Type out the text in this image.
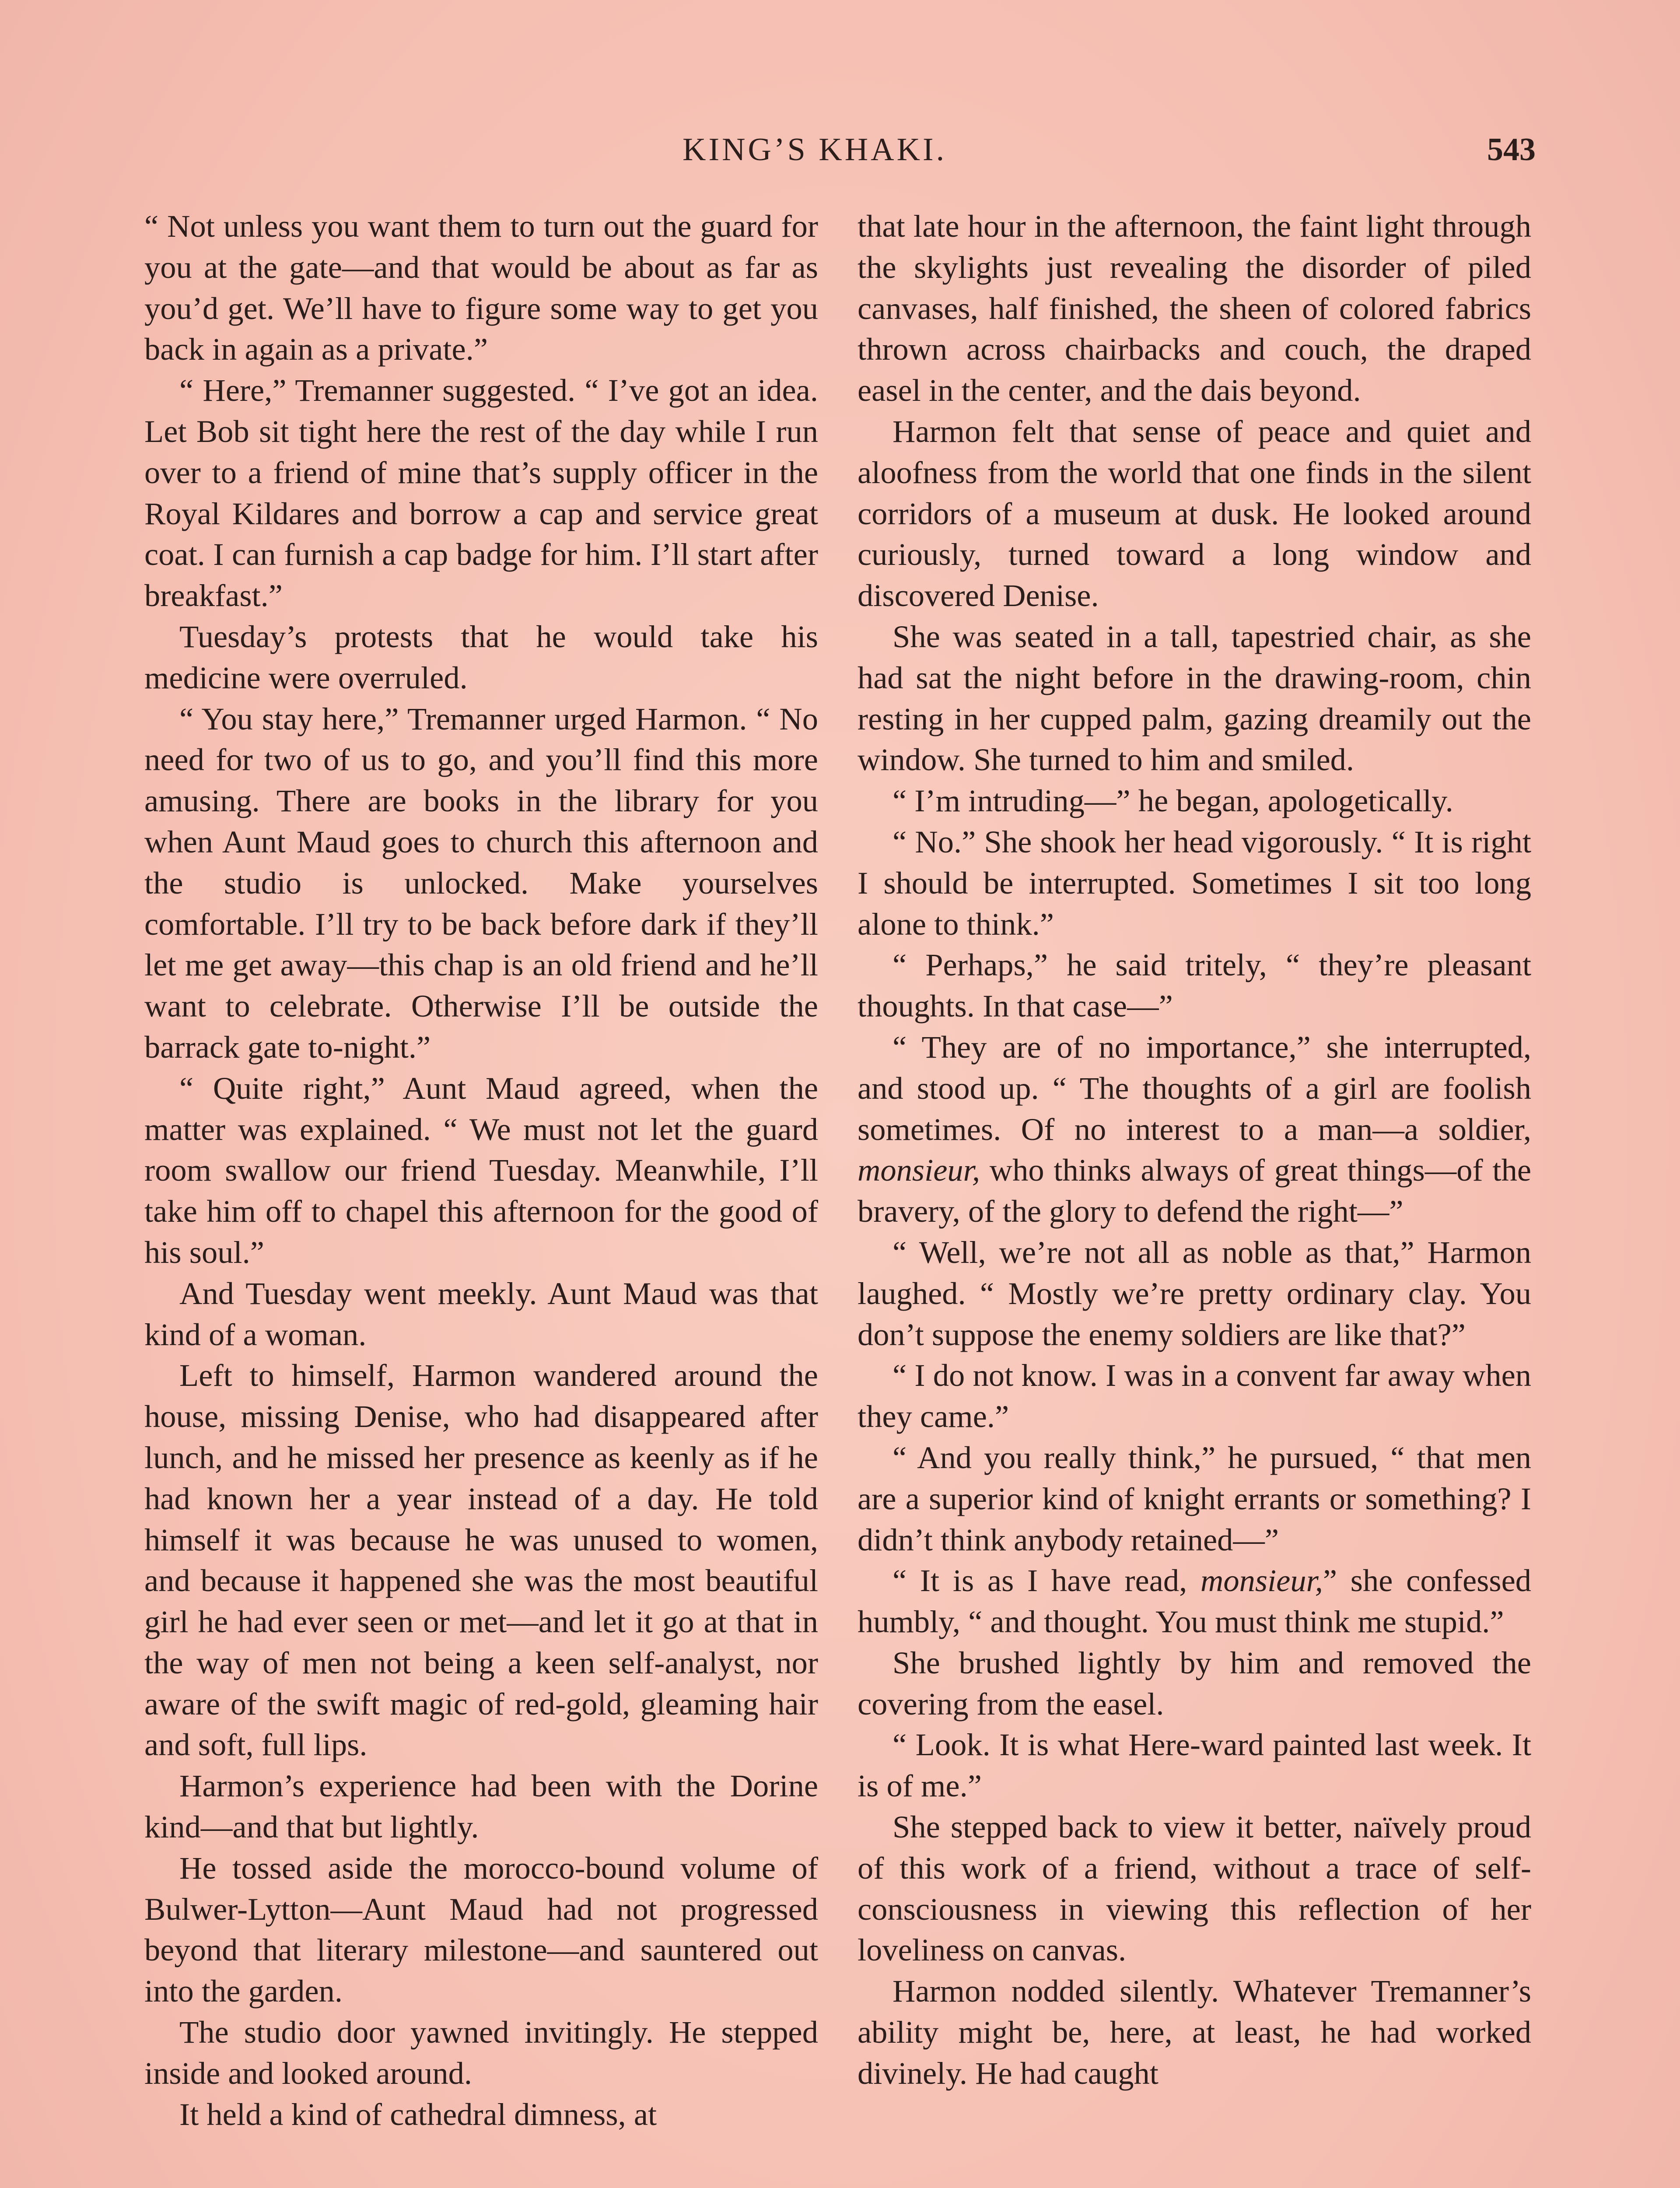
KING’S KHAKI.	543

“ Not unless you want them to turn out the guard for you at the gate—and that would be about as far as you’d get. We’ll have to figure some way to get you back in again as a private.”

“ Here,” Tremanner suggested. “ I’ve got an idea. Let Bob sit tight here the rest of the day while I run over to a friend of mine that’s supply officer in the Royal Kildares and borrow a cap and service great coat. I can furnish a cap badge for him. I’ll start after breakfast.”

Tuesday’s protests that he would take his medicine were overruled.

“ You stay here,” Tremanner urged Harmon. “ No need for two of us to go, and you’ll find this more amusing. There are books in the library for you when Aunt Maud goes to church this afternoon and the studio is unlocked. Make yourselves comfortable. I’ll try to be back before dark if they’ll let me get away—this chap is an old friend and he’ll want to celebrate. Otherwise I’ll be outside the barrack gate to-night.”

“ Quite right,” Aunt Maud agreed, when the matter was explained. “ We must not let the guard room swallow our friend Tuesday. Meanwhile, I’ll take him off to chapel this afternoon for the good of his soul.”

And Tuesday went meekly. Aunt Maud was that kind of a woman.

Left to himself, Harmon wandered around the house, missing Denise, who had disappeared after lunch, and he missed her presence as keenly as if he had known her a year instead of a day. He told himself it was because he was unused to women, and because it happened she was the most beautiful girl he had ever seen or met—and let it go at that in the way of men not being a keen self-analyst, nor aware of the swift magic of red-gold, gleaming hair and soft, full lips.

Harmon’s experience had been with the Dorine kind—and that but lightly.

He tossed aside the morocco-bound volume of Bulwer-Lytton—Aunt Maud had not progressed beyond that literary milestone—and sauntered out into the garden.

The studio door yawned invitingly. He stepped inside and looked around.

It held a kind of cathedral dimness, at

that late hour in the afternoon, the faint light through the skylights just revealing the disorder of piled canvases, half finished, the sheen of colored fabrics thrown across chairbacks and couch, the draped easel in the center, and the dais beyond.

Harmon felt that sense of peace and quiet and aloofness from the world that one finds in the silent corridors of a museum at dusk. He looked around curiously, turned toward a long window and discovered Denise.

She was seated in a tall, tapestried chair, as she had sat the night before in the drawing-room, chin resting in her cupped palm, gazing dreamily out the window. She turned to him and smiled.

“ I’m intruding—” he began, apologetically.

“ No.” She shook her head vigorously. “ It is right I should be interrupted. Sometimes I sit too long alone to think.”

“ Perhaps,” he said tritely, “ they’re pleasant thoughts. In that case—”

“ They are of no importance,” she interrupted, and stood up. “ The thoughts of a girl are foolish sometimes. Of no interest to a man—a soldier, monsieur, who thinks always of great things—of the bravery, of the glory to defend the right—”

“ Well, we’re not all as noble as that,” Harmon laughed. “ Mostly we’re pretty ordinary clay. You don’t suppose the enemy soldiers are like that?”

“ I do not know. I was in a convent far away when they came.”

“ And you really think,” he pursued, “ that men are a superior kind of knight errants or something? I didn’t think anybody retained—”

“ It is as I have read, monsieur,” she confessed humbly, “ and thought. You must think me stupid.”

She brushed lightly by him and removed the covering from the easel.

“ Look. It is what Here-ward painted last week. It is of me.”

She stepped back to view it better, naïvely proud of this work of a friend, without a trace of self-consciousness in viewing this reflection of her loveliness on canvas.

Harmon nodded silently. Whatever Tremanner’s ability might be, here, at least, he had worked divinely. He had caught
